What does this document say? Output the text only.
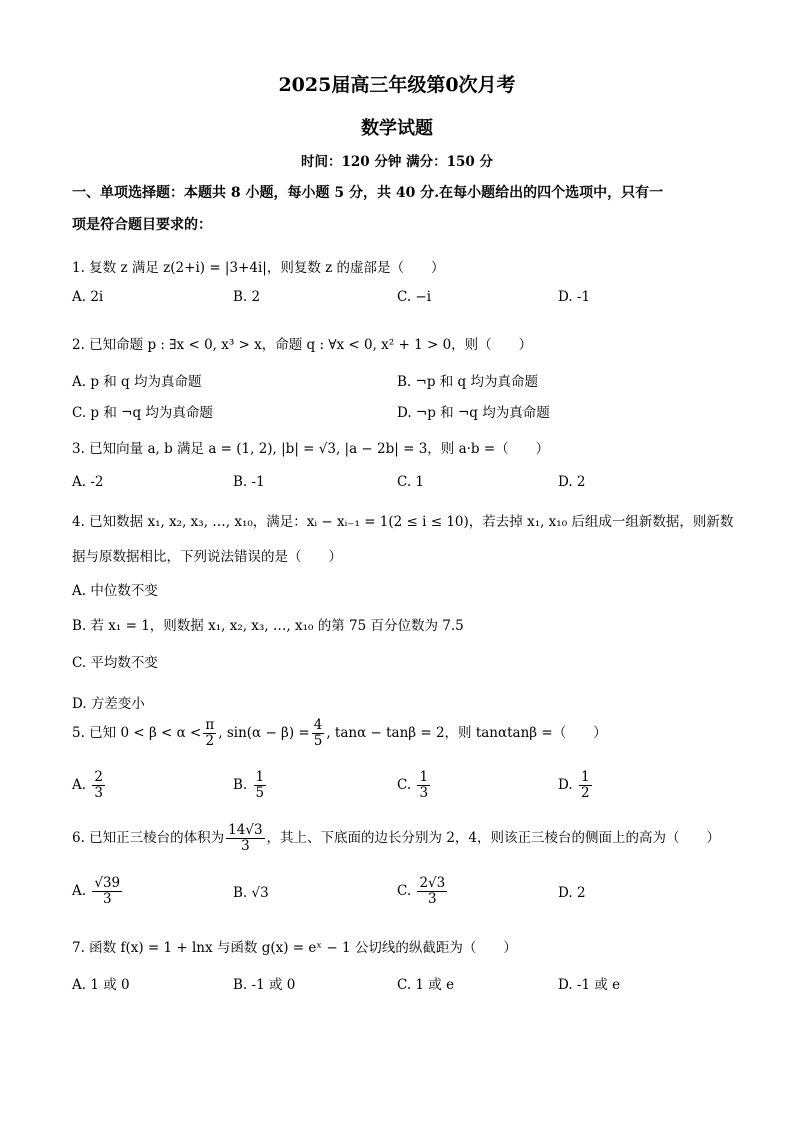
2025届高三年级第0次月考
数学试题
时间：120 分钟 满分：150 分
一、单项选择题：本题共 8 小题，每小题 5 分，共 40 分.在每小题给出的四个选项中，只有一
项是符合题目要求的：
1. 复数 z 满足 z(2+i) = |3+4i|，则复数 z 的虚部是（　　）
A. 2i	B. 2	C. −i	D. -1
2. 已知命题 p : ∃x < 0, x³ > x，命题 q : ∀x < 0, x² + 1 > 0，则（　　）
A. p 和 q 均为真命题	B. ¬p 和 q 均为真命题
C. p 和 ¬q 均为真命题	D. ¬p 和 ¬q 均为真命题
3. 已知向量 a, b 满足 a = (1, 2), |b| = √3, |a − 2b| = 3，则 a·b =（　　）
A. -2	B. -1	C. 1	D. 2
4. 已知数据 x₁, x₂, x₃, …, x₁₀，满足：xᵢ − xᵢ₋₁ = 1(2 ≤ i ≤ 10)，若去掉 x₁, x₁₀ 后组成一组新数据，则新数
据与原数据相比，下列说法错误的是（　　）
A. 中位数不变
B. 若 x₁ = 1，则数据 x₁, x₂, x₃, …, x₁₀ 的第 75 百分位数为 7.5
C. 平均数不变
D. 方差变小
5. 已知 $0 < \beta < \alpha < \frac{\pi}{2}$ , $\sin(\alpha - \beta) = \frac{4}{5}$ , tanα − tanβ = 2，则 tanαtanβ =（　　）
A. $\frac{2}{3}$	B. $\frac{1}{5}$	C. $\frac{1}{3}$	D. $\frac{1}{2}$
6. 已知正三棱台的体积为 $\frac{14√3}{3}$ ，其上、下底面的边长分别为 2，4，则该正三棱台的侧面上的高为（　　）
A. $\frac{√39}{3}$	B. √3	C. $\frac{2√3}{3}$	D. 2
7. 函数 f(x) = 1 + lnx 与函数 g(x) = eˣ − 1 公切线的纵截距为（　　）
A. 1 或 0	B. -1 或 0	C. 1 或 e	D. -1 或 e
